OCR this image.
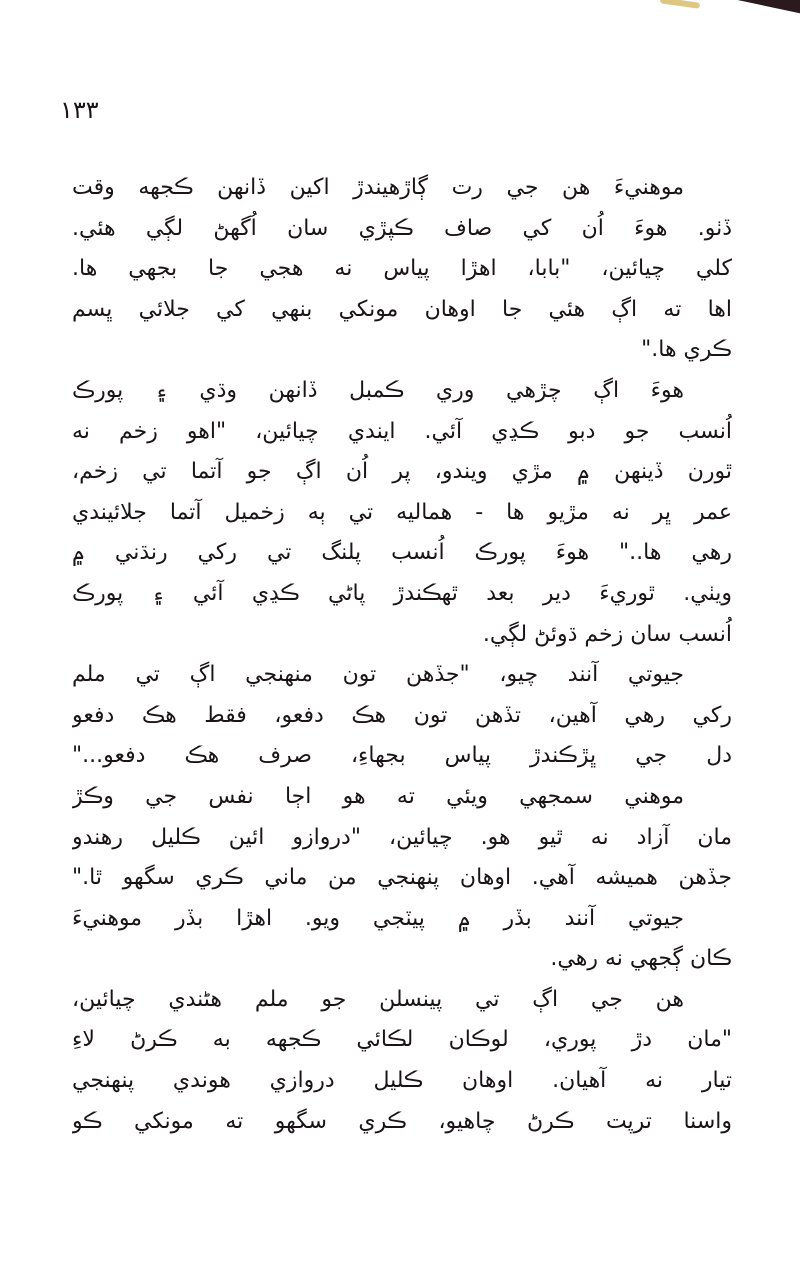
١٣٣
موهنيءَ هن جي رت ڳاڙهيندڙ اکين ڏانهن ڪجهه وقت
ڏٺو. هوءَ اُن کي صاف ڪپڙي سان اُگهڻ لڳي هئي.
کلي چيائين، "بابا، اهڙا پياس نه هجي جا بجهي ها.
اها ته اڳ هئي جا اوهان مونکي بنهي کي جلائي ڀسم
ڪري ها."
هوءَ اڳ چڙهي وري ڪمبل ڏانهن وڌي ۽ پورڪ
اُنسب جو دبو ڪڍي آئي. ايندي چيائين، "اهو زخم نه
ٿورن ڏينهن ۾ مڙي ويندو، پر اُن اڳ جو آتما تي زخم،
عمر ڀر نه مڙيو ها - هماليه تي ٻه زخميل آتما جلائيندي
رهي ها.." هوءَ پورڪ اُنسب پلنگ تي رکي رنڌني ۾
ويٺي. ٿوريءَ دير بعد ٿهڪندڙ پاڻي ڪڍي آئي ۽ پورڪ
اُنسب سان زخم ڌوئڻ لڳي.
جيوتي آنند چيو، "جڏهن تون منهنجي اڳ تي ملم
رکي رهي آهين، تڏهن تون هڪ دفعو، فقط هڪ دفعو
دل جي ڀڙڪندڙ پياس بجهاءِ، صرف هڪ دفعو..."
موهني سمجهي ويئي ته هو اڄا نفس جي وڪڙ
مان آزاد نه ٿيو هو. چيائين، "دروازو ائين ڪليل رهندو
جڏهن هميشه آهي. اوهان پنهنجي من ماني ڪري سگهو ٿا."
جيوتي آنند بڏر ۾ پيٽجي ويو. اهڙا بڏر موهنيءَ
ڪان ڳجهي نه رهي.
هن جي اڳ تي پينسلن جو ملم هڻندي چيائين،
"مان دڙ پوري، لوڪان لڪائي ڪجهه به ڪرڻ لاءِ
تيار نه آهيان. اوهان ڪليل دروازي هوندي پنهنجي
واسنا ترپت ڪرڻ چاهيو، ڪري سگهو ته مونکي ڪو
